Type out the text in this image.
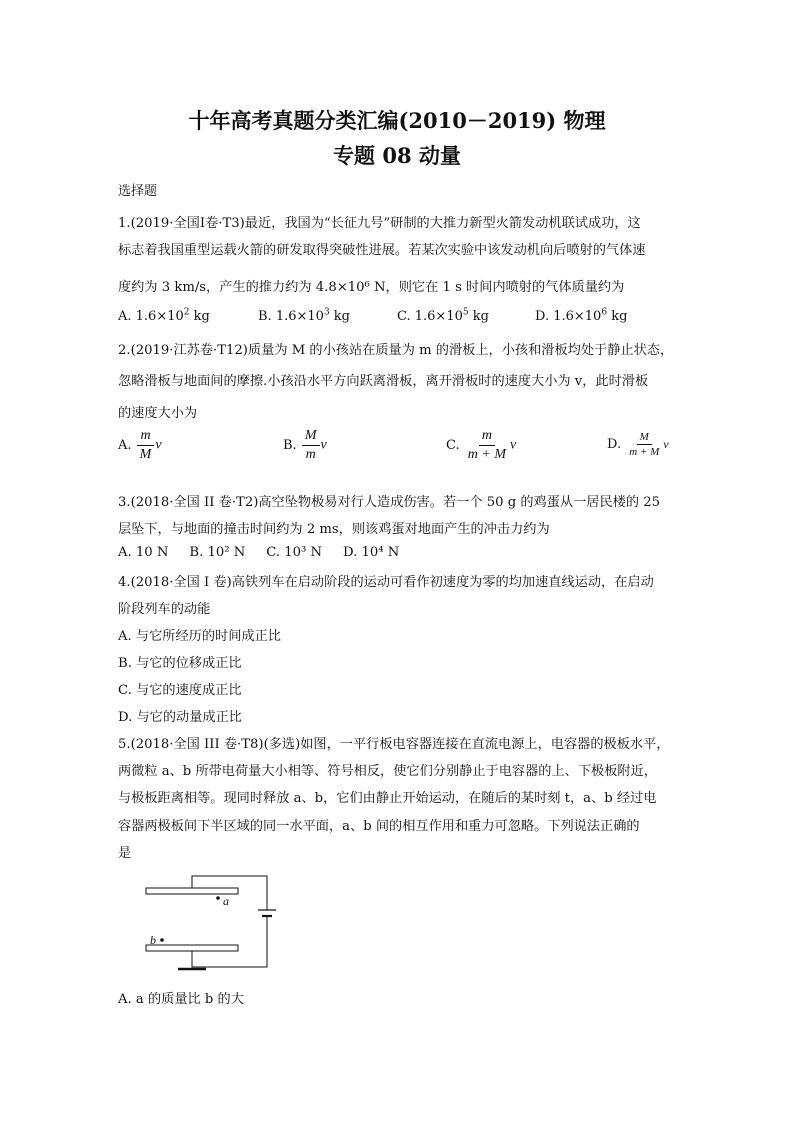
十年高考真题分类汇编(2010－2019) 物理
专题 08 动量
选择题
1.(2019·全国Ⅰ卷·T3)最近，我国为“长征九号”研制的大推力新型火箭发动机联试成功，这
标志着我国重型运载火箭的研发取得突破性进展。若某次实验中该发动机向后喷射的气体速
度约为 3 km/s，产生的推力约为 4.8×10⁶ N，则它在 1 s 时间内喷射的气体质量约为
A. $1.6\times 10^2$ kg	B. $1.6\times 10^3$ kg	C. $1.6\times 10^5$ kg	D. $1.6\times 10^6$ kg
2.(2019·江苏卷·T12)质量为 M 的小孩站在质量为 m 的滑板上，小孩和滑板均处于静止状态，
忽略滑板与地面间的摩擦.小孩沿水平方向跃离滑板，离开滑板时的速度大小为 v，此时滑板
的速度大小为
A. $\frac{m}{M}$ v	B. $\frac{M}{m}$ v	C. $\frac{m}{m + M}$ v	D. $\frac{M}{m + M}$ v
3.(2018·全国 II 卷·T2)高空坠物极易对行人造成伤害。若一个 50 g 的鸡蛋从一居民楼的 25
层坠下，与地面的撞击时间约为 2 ms，则该鸡蛋对地面产生的冲击力约为
A. 10 N     B. 10² N     C. 10³ N     D. 10⁴ N
4.(2018·全国 I 卷)高铁列车在启动阶段的运动可看作初速度为零的均加速直线运动，在启动
阶段列车的动能
A. 与它所经历的时间成正比
B. 与它的位移成正比
C. 与它的速度成正比
D. 与它的动量成正比
5.(2018·全国 III 卷·T8)(多选)如图，一平行板电容器连接在直流电源上，电容器的极板水平，
两微粒 a、b 所带电荷量大小相等、符号相反，使它们分别静止于电容器的上、下极板附近，
与极板距离相等。现同时释放 a、b，它们由静止开始运动，在随后的某时刻 t，a、b 经过电
容器两极板间下半区域的同一水平面，a、b 间的相互作用和重力可忽略。下列说法正确的
是
a
b
A. a 的质量比 b 的大
